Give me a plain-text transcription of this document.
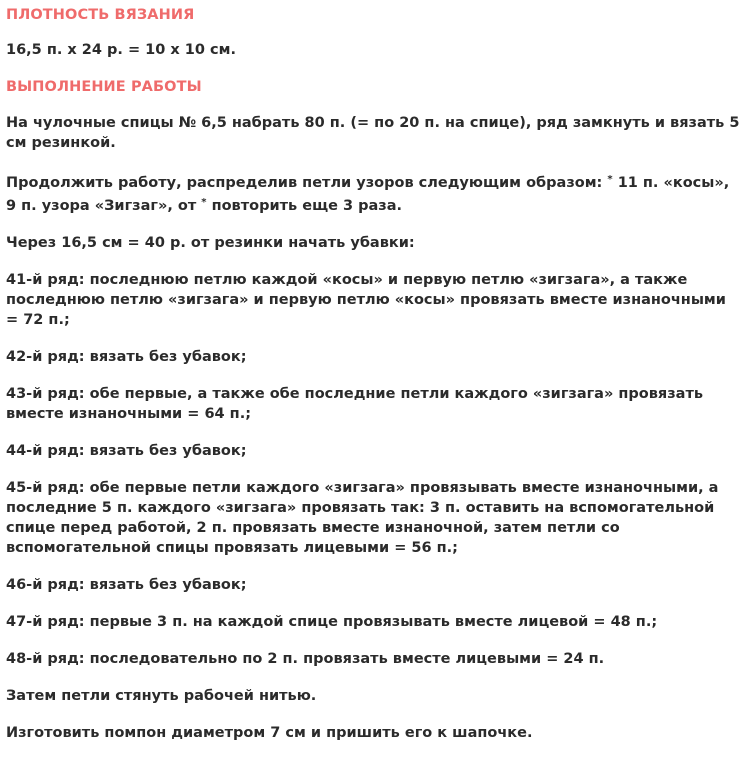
ПЛОТНОСТЬ ВЯЗАНИЯ

16,5 п. х 24 р. = 10 х 10 см.

ВЫПОЛНЕНИЕ РАБОТЫ

На чулочные спицы № 6,5 набрать 80 п. (= по 20 п. на спице), ряд замкнуть и вязать 5 см резинкой.

Продолжить работу, распределив петли узоров следующим образом: * 11 п. «косы», 9 п. узора «Зигзаг», от * повторить еще 3 раза.

Через 16,5 см = 40 р. от резинки начать убавки:

41-й ряд: последнюю петлю каждой «косы» и первую петлю «зигзага», а также последнюю петлю «зигзага» и первую петлю «косы» провязать вместе изнаночными = 72 п.;

42-й ряд: вязать без убавок;

43-й ряд: обе первые, а также обе последние петли каждого «зигзага» провязать вместе изнаночными = 64 п.;

44-й ряд: вязать без убавок;

45-й ряд: обе первые петли каждого «зигзага» провязывать вместе изнаночными, а последние 5 п. каждого «зигзага» провязать так: 3 п. оставить на вспомогательной спице перед работой, 2 п. провязать вместе изнаночной, затем петли со вспомогательной спицы провязать лицевыми = 56 п.;

46-й ряд: вязать без убавок;

47-й ряд: первые 3 п. на каждой спице провязывать вместе лицевой = 48 п.;

48-й ряд: последовательно по 2 п. провязать вместе лицевыми = 24 п.

Затем петли стянуть рабочей нитью.

Изготовить помпон диаметром 7 см и пришить его к шапочке.
